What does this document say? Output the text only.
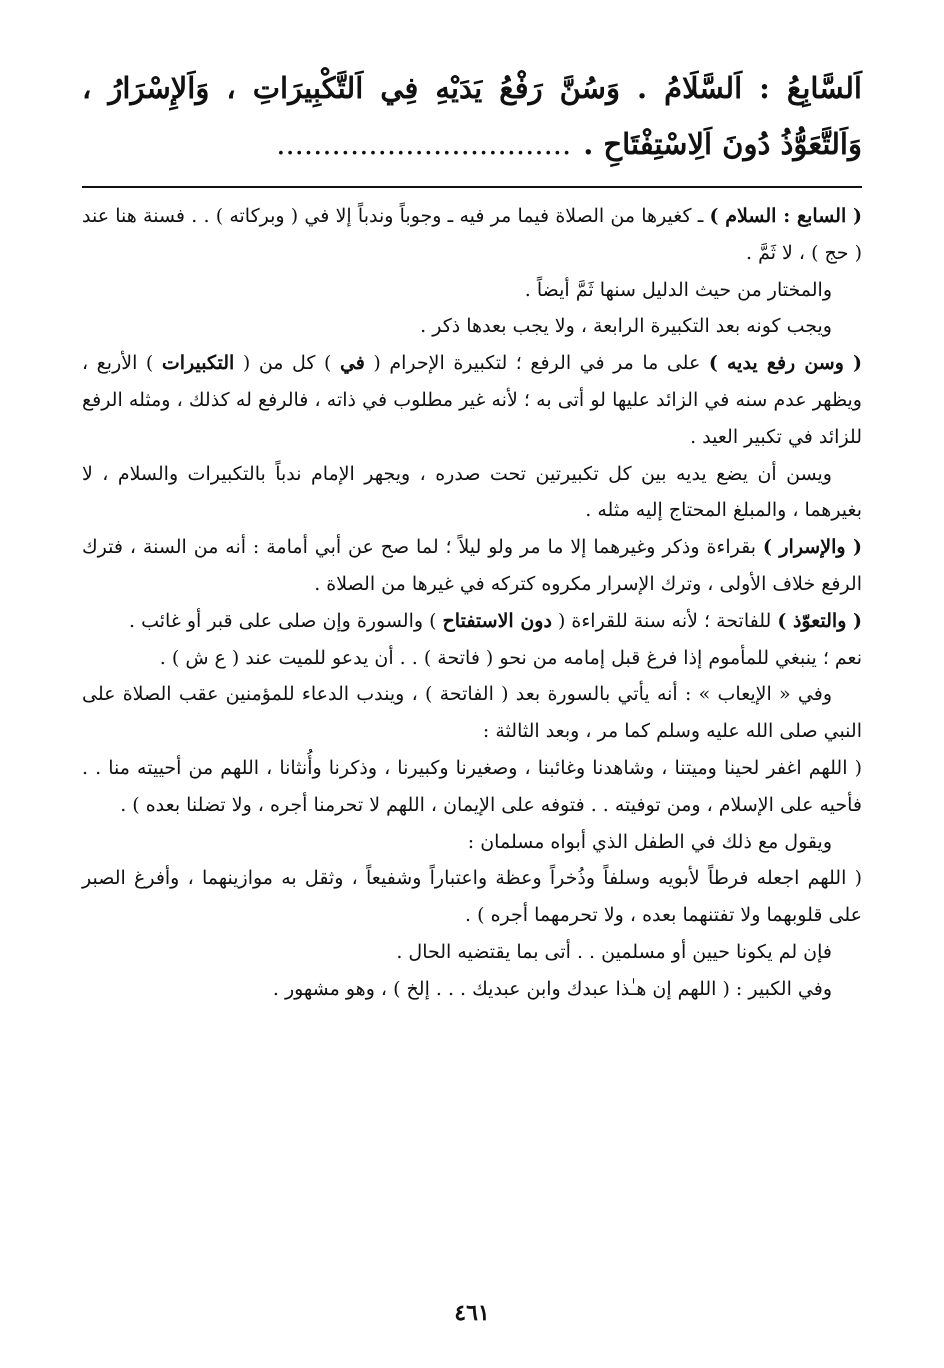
اَلسَّابِعُ : اَلسَّلَامُ . وَسُنَّ رَفْعُ يَدَيْهِ فِي اَلتَّكْبِيرَاتِ ، وَاَلإِسْرَارُ ، وَاَلتَّعَوُّذُ دُونَ اَلِاسْتِفْتَاحِ .................................

( السابع : السلام ) ـ كغيرها من الصلاة فيما مر فيه ـ وجوباً وندباً إلا في ( وبركاته ) . . فسنة هنا عند ( حج ) ، لا ثَمَّ .

والمختار من حيث الدليل سنها ثَمَّ أيضاً .

ويجب كونه بعد التكبيرة الرابعة ، ولا يجب بعدها ذكر .

( وسن رفع يديه ) على ما مر في الرفع ؛ لتكبيرة الإحرام ( في ) كل من ( التكبيرات ) الأربع ، ويظهر عدم سنه في الزائد عليها لو أتى به ؛ لأنه غير مطلوب في ذاته ، فالرفع له كذلك ، ومثله الرفع للزائد في تكبير العيد .

ويسن أن يضع يديه بين كل تكبيرتين تحت صدره ، ويجهر الإمام ندباً بالتكبيرات والسلام ، لا بغيرهما ، والمبلغ المحتاج إليه مثله .

( والإسرار ) بقراءة وذكر وغيرهما إلا ما مر ولو ليلاً ؛ لما صح عن أبي أمامة : أنه من السنة ، فترك الرفع خلاف الأولى ، وترك الإسرار مكروه كتركه في غيرها من الصلاة .

( والتعوّذ ) للفاتحة ؛ لأنه سنة للقراءة ( دون الاستفتاح ) والسورة وإن صلى على قبر أو غائب .

نعم ؛ ينبغي للمأموم إذا فرغ قبل إمامه من نحو ( فاتحة ) . . أن يدعو للميت عند ( ع ش ) .

وفي « الإيعاب » : أنه يأتي بالسورة بعد ( الفاتحة ) ، ويندب الدعاء للمؤمنين عقب الصلاة على النبي صلى الله عليه وسلم كما مر ، وبعد الثالثة :

( اللهم اغفر لحينا وميتنا ، وشاهدنا وغائبنا ، وصغيرنا وكبيرنا ، وذكرنا وأُنثانا ، اللهم من أحييته منا . . فأحيه على الإسلام ، ومن توفيته . . فتوفه على الإيمان ، اللهم لا تحرمنا أجره ، ولا تضلنا بعده ) .

ويقول مع ذلك في الطفل الذي أبواه مسلمان :

( اللهم اجعله فرطاً لأبويه وسلفاً وذُخراً وعظة واعتباراً وشفيعاً ، وثقل به موازينهما ، وأفرغ الصبر على قلوبهما ولا تفتنهما بعده ، ولا تحرمهما أجره ) .

فإن لم يكونا حيين أو مسلمين . . أتى بما يقتضيه الحال .

وفي الكبير : ( اللهم إن هـٰذا عبدك وابن عبديك . . . إلخ ) ، وهو مشهور .

٤٦١
